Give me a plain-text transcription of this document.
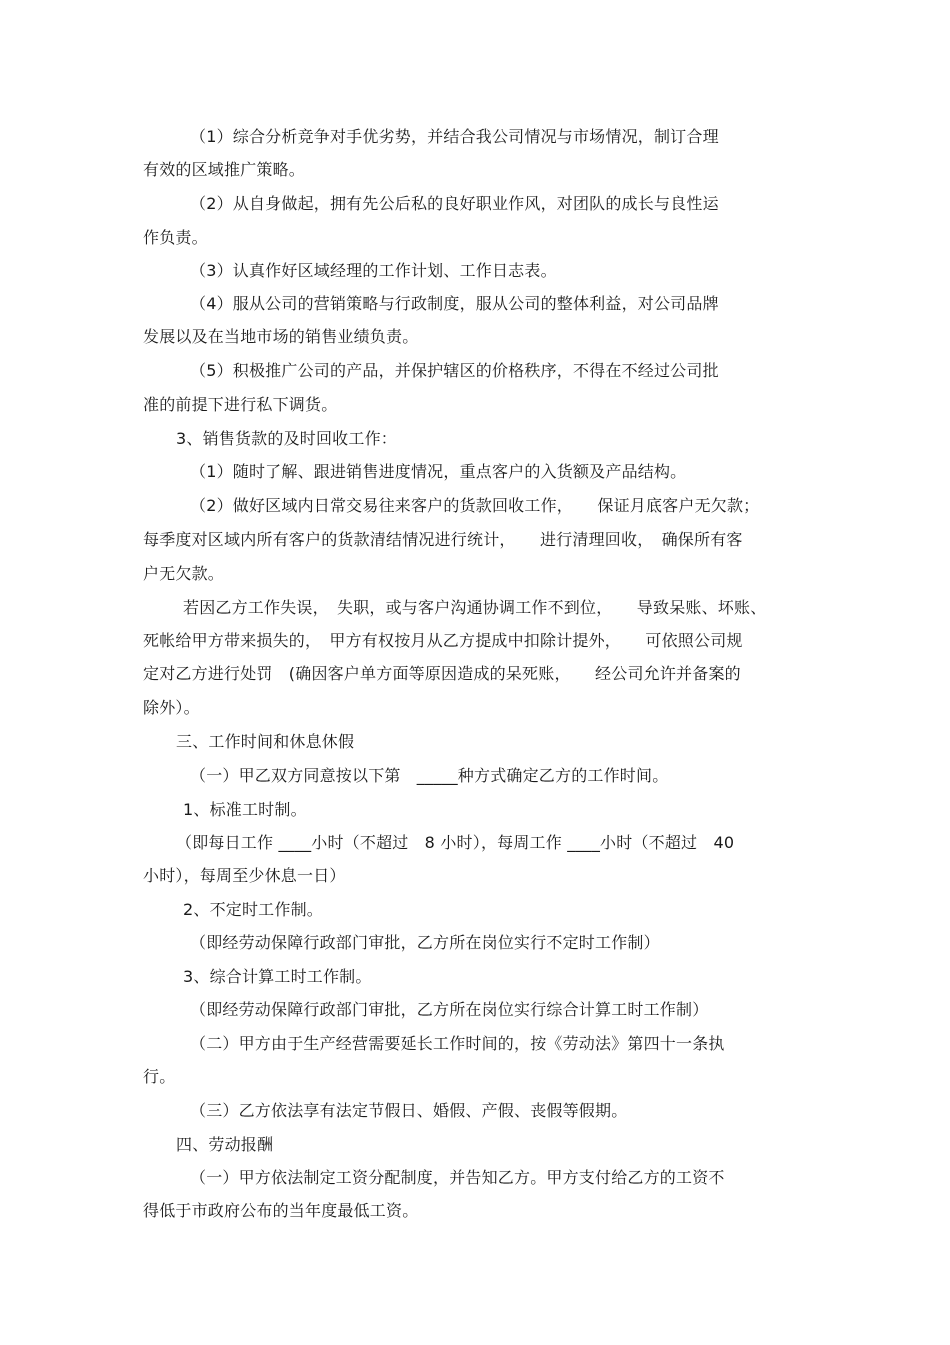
（1）综合分析竞争对手优劣势，并结合我公司情况与市场情况，制订合理
有效的区域推广策略。
（2）从自身做起，拥有先公后私的良好职业作风，对团队的成长与良性运
作负责。
（3）认真作好区域经理的工作计划、工作日志表。
（4）服从公司的营销策略与行政制度，服从公司的整体利益，对公司品牌
发展以及在当地市场的销售业绩负责。
（5）积极推广公司的产品，并保护辖区的价格秩序，不得在不经过公司批
准的前提下进行私下调货。
3、销售货款的及时回收工作：
（1）随时了解、跟进销售进度情况，重点客户的入货额及产品结构。
（2）做好区域内日常交易往来客户的货款回收工作，　　保证月底客户无欠款；
每季度对区域内所有客户的货款清结情况进行统计，　　进行清理回收，　确保所有客
户无欠款。
若因乙方工作失误，　失职，或与客户沟通协调工作不到位，　　导致呆账、坏账、
死帐给甲方带来损失的，　甲方有权按月从乙方提成中扣除计提外，　　可依照公司规
定对乙方进行处罚　(确因客户单方面等原因造成的呆死账，　　经公司允许并备案的
除外）。
三、工作时间和休息休假
（一）甲乙双方同意按以下第　_____种方式确定乙方的工作时间。
1、标准工时制。
（即每日工作 ____小时（不超过　8 小时），每周工作 ____小时（不超过　40
小时），每周至少休息一日）
2、不定时工作制。
（即经劳动保障行政部门审批，乙方所在岗位实行不定时工作制）
3、综合计算工时工作制。
（即经劳动保障行政部门审批，乙方所在岗位实行综合计算工时工作制）
（二）甲方由于生产经营需要延长工作时间的，按《劳动法》第四十一条执
行。
（三）乙方依法享有法定节假日、婚假、产假、丧假等假期。
四、劳动报酬
（一）甲方依法制定工资分配制度，并告知乙方。甲方支付给乙方的工资不
得低于市政府公布的当年度最低工资。
